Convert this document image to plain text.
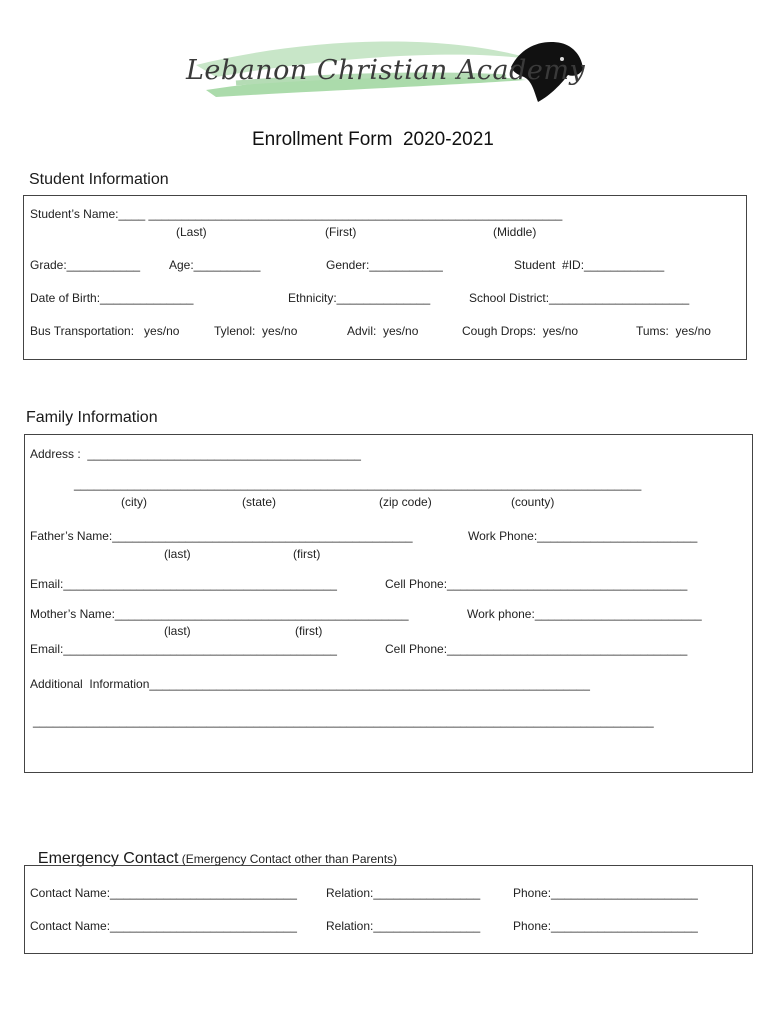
Lebanon Christian Academy
Enrollment Form  2020-2021
Student Information
Student’s Name:____ ______________________________________________________________
(Last)	(First)	(Middle)
Grade:___________ Age:__________	Gender:___________	Student  #ID:____________
Date of Birth:______________	Ethnicity:______________	School District:_____________________
Bus Transportation:   yes/no	Tylenol:  yes/no	Advil:  yes/no	Cough Drops:  yes/no	Tums:  yes/no
Family Information
Address :  _________________________________________
_____________________________________________________________________________________
(city)	(state)	(zip code)	(county)
Father’s Name:_____________________________________________	Work Phone:________________________
(last)	(first)
Email:_________________________________________	Cell Phone:____________________________________
Mother’s Name:____________________________________________	Work phone:_________________________
(last)	(first)
Email:_________________________________________	Cell Phone:____________________________________
Additional  Information__________________________________________________________________
_____________________________________________________________________________________________

Emergency Contact (Emergency Contact other than Parents)

Contact Name:____________________________ Relation:________________	Phone:______________________
Contact Name:____________________________ Relation:________________	Phone:______________________
